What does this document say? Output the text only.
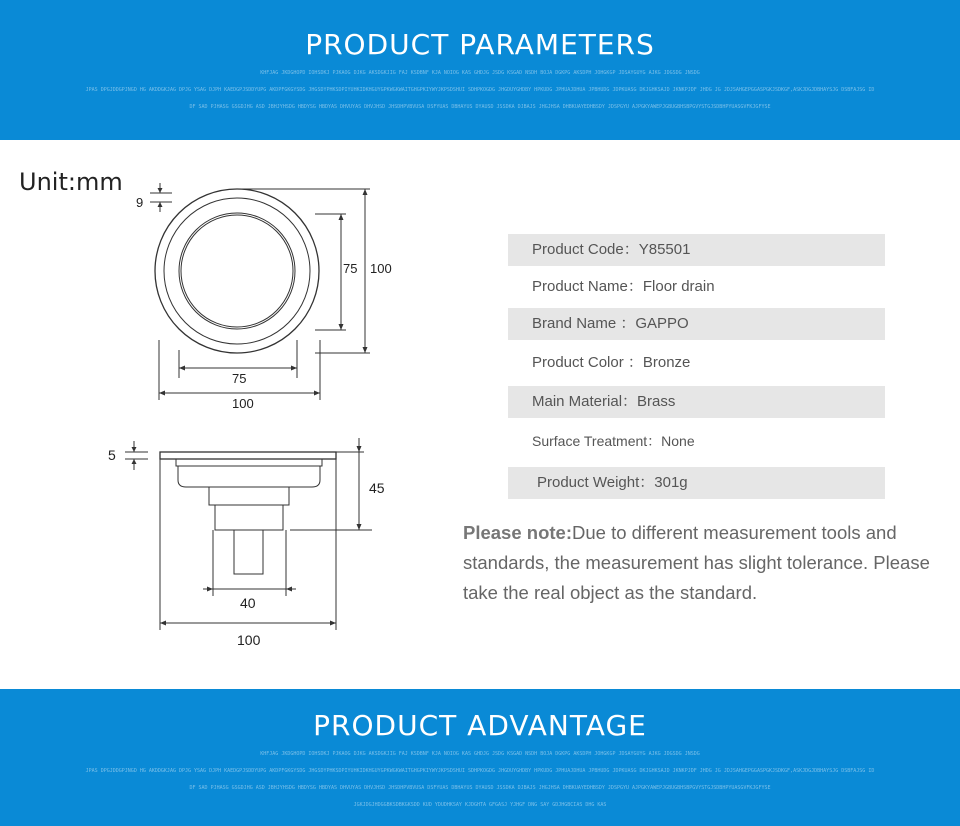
PRODUCT PARAMETERS
KHFJAG JKDGHOPD IOHSDKJ PJKAOG DJKG AKSDGKJIG FAJ KSDBNF KJA NOIOG KAS GHDJG JSDG KSGAD NSDH BOJA DGKPG AKSDPH JOHGKGP JDSAYGUYG AJKG JDGSDG JNSDG
JPAS DPGJDDGPJNGD HG AKDDGKJAG DPJG YSAG DJPH KAEDGPJSDDYUPG AKDPFGKGYSDG JHGSDYPHKSDPIYUHKIDKHGUYGPKWGKWAITGHGPKIYWYJKPSDSHUI SDHPKOGDG JHGDUYGHDBY HPKUDG JPHUAJDHUA JPBHUDG JDPKUASG DKJGHKSAJD JKNKPJDF JHDG JG JDJSAHGEPGGASPGKJSDKGF,ASKJDGJDBHAYSJG DSBFAJSG ID
DF SAD PJHASG GSGDJHG ASD JBHJYHSDG HBDYSG HBDYAS DHVUYAS DHVJHSD JHSDHPVBVUSA DSFYUAS DBHAYUS DYAUSD JSSDKA DJBAJS JHGJHSA DHBKUAYEDHBSDY JDSPGYU AJPGKYAWEPJGBUGBHSBPGVYSTGJSDBHPYUASGVFKJGFYSE
Unit:mm
9
75 100
75
100
5
45
40
100
Product Code：Y85501
Product Name：Floor drain
Brand Name ：GAPPO
Product Color ：Bronze
Main Material：Brass
Surface Treatment：None
Product Weight：301g
Please note:Due to different measurement tools and standards, the measurement has slight tolerance. Please take the real object as the standard.
PRODUCT ADVANTAGE
KHFJAG JKDGHOPD IOHSDKJ PJKAOG DJKG AKSDGKJIG FAJ KSDBNF KJA NOIOG KAS GHDJG JSDG KSGAD NSDH BOJA DGKPG AKSDPH JOHGKGP JDSAYGUYG AJKG JDGSDG JNSDG
JPAS DPGJDDGPJNGD HG AKDDGKJAG DPJG YSAG DJPH KAEDGPJSDDYUPG AKDPFGKGYSDG JHGSDYPHKSDPIYUHKIDKHGUYGPKWGKWAITGHGPKIYWYJKPSDSHUI SDHPKOGDG JHGDUYGHDBY HPKUDG JPHUAJDHUA JPBHUDG JDPKUASG DKJGHKSAJD JKNKPJDF JHDG JG JDJSAHGEPGGASPGKJSDKGF,ASKJDGJDBHAYSJG DSBFAJSG ID
DF SAD PJHASG GSGDJHG ASD JBHJYHSDG HBDYSG HBDYAS DHVUYAS DHVJHSD JHSDHPVBVUSA DSFYUAS DBHAYUS DYAUSD JSSDKA DJBAJS JHGJHSA DHBKUAYEDHBSDY JDSPGYU AJPGKYAWEPJGBUGBHSBPGVYSTGJSDBHPYUASGVFKJGFYSE
JGKJDGJHDGGBKSDBKGKSDD KUD YDUDHKSAY KJDGHTA GFGASJ YJHGF DNG SAY GDJHGBCIAS DHG KAS
